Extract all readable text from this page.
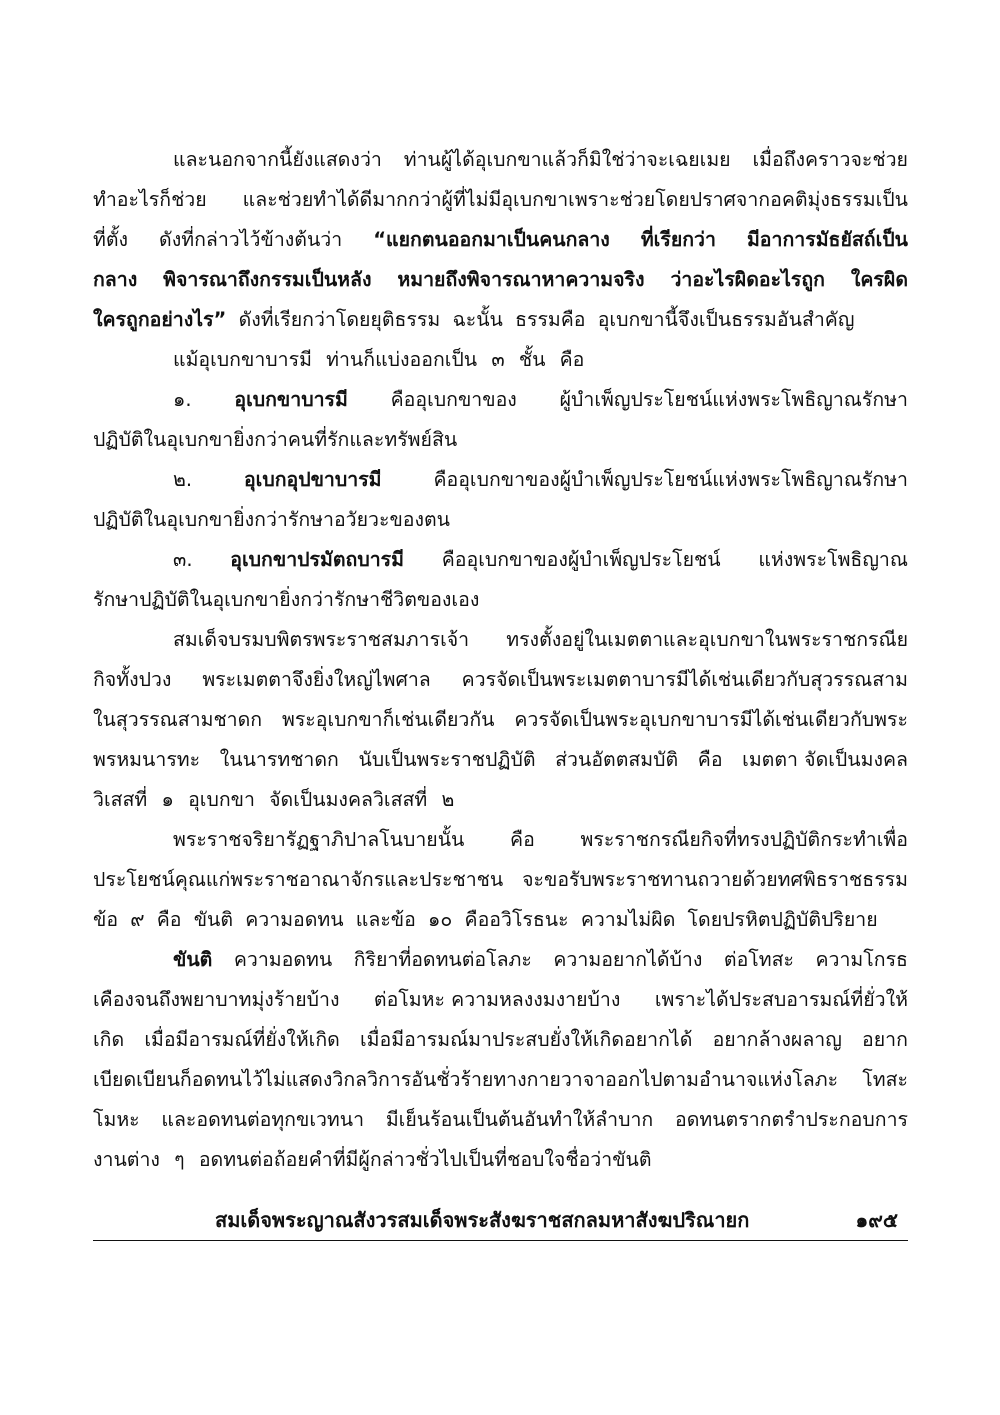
และนอกจากนี้ยังแสดงว่า ท่านผู้ได้อุเบกขาแล้วก็มิใช่ว่าจะเฉยเมย เมื่อถึงคราวจะช่วย
ทำอะไรก็ช่วย และช่วยทำได้ดีมากกว่าผู้ที่ไม่มีอุเบกขาเพราะช่วยโดยปราศจากอคติมุ่งธรรมเป็น
ที่ตั้ง ดังที่กล่าวไว้ข้างต้นว่า “แยกตนออกมาเป็นคนกลาง ที่เรียกว่า มีอาการมัธยัสถ์เป็น
กลาง พิจารณาถึงกรรมเป็นหลัง หมายถึงพิจารณาหาความจริง ว่าอะไรผิดอะไรถูก ใครผิด
ใครถูกอย่างไร” ดังที่เรียกว่าโดยยุติธรรม ฉะนั้น ธรรมคือ อุเบกขานี้จึงเป็นธรรมอันสำคัญ
แม้อุเบกขาบารมี ท่านก็แบ่งออกเป็น ๓ ชั้น คือ
๑. อุเบกขาบารมี คืออุเบกขาของ ผู้บำเพ็ญประโยชน์แห่งพระโพธิญาณรักษา
ปฏิบัติในอุเบกขายิ่งกว่าคนที่รักและทรัพย์สิน
๒.	อุเบกอุปขาบารมี	คืออุเบกขาของผู้บำเพ็ญประโยชน์แห่งพระโพธิญาณรักษา
ปฏิบัติในอุเบกขายิ่งกว่ารักษาอวัยวะของตน
๓. อุเบกขาปรมัตถบารมี คืออุเบกขาของผู้บำเพ็ญประโยชน์ แห่งพระโพธิญาณ
รักษาปฏิบัติในอุเบกขายิ่งกว่ารักษาชีวิตของเอง
สมเด็จบรมบพิตรพระราชสมภารเจ้า ทรงตั้งอยู่ในเมตตาและอุเบกขาในพระราชกรณีย
กิจทั้งปวง พระเมตตาจึงยิ่งใหญ่ไพศาล ควรจัดเป็นพระเมตตาบารมีได้เช่นเดียวกับสุวรรณสาม
ในสุวรรณสามชาดก พระอุเบกขาก็เช่นเดียวกัน ควรจัดเป็นพระอุเบกขาบารมีได้เช่นเดียวกับพระ
พรหมนารทะ ในนารทชาดก นับเป็นพระราชปฏิบัติ ส่วนอัตตสมบัติ คือ เมตตา จัดเป็นมงคล
วิเสสที่ ๑ อุเบกขา จัดเป็นมงคลวิเสสที่ ๒
พระราชจริยารัฏฐาภิปาลโนบายนั้น คือ พระราชกรณียกิจที่ทรงปฏิบัติกระทำเพื่อ
ประโยชน์คุณแก่พระราชอาณาจักรและประชาชน จะขอรับพระราชทานถวายด้วยทศพิธราชธรรม
ข้อ ๙ คือ ขันติ ความอดทน และข้อ ๑๐ คืออวิโรธนะ ความไม่ผิด โดยปรหิตปฏิบัติปริยาย
ขันติ ความอดทน กิริยาที่อดทนต่อโลภะ ความอยากได้บ้าง ต่อโทสะ ความโกรธ
เคืองจนถึงพยาบาทมุ่งร้ายบ้าง ต่อโมหะ ความหลงงมงายบ้าง เพราะได้ประสบอารมณ์ที่ยั่วให้
เกิด เมื่อมีอารมณ์ที่ยั่งให้เกิด เมื่อมีอารมณ์มาประสบยั่งให้เกิดอยากได้ อยากล้างผลาญ อยาก
เบียดเบียนก็อดทนไว้ไม่แสดงวิกลวิการอันชั่วร้ายทางกายวาจาออกไปตามอำนาจแห่งโลภะ โทสะ
โมหะ และอดทนต่อทุกขเวทนา มีเย็นร้อนเป็นต้นอันทำให้ลำบาก อดทนตรากตรำประกอบการ
งานต่าง ๆ อดทนต่อถ้อยคำที่มีผู้กล่าวชั่วไปเป็นที่ชอบใจชื่อว่าขันติ
สมเด็จพระญาณสังวรสมเด็จพระสังฆราชสกลมหาสังฆปริณายก	๑๙๕
